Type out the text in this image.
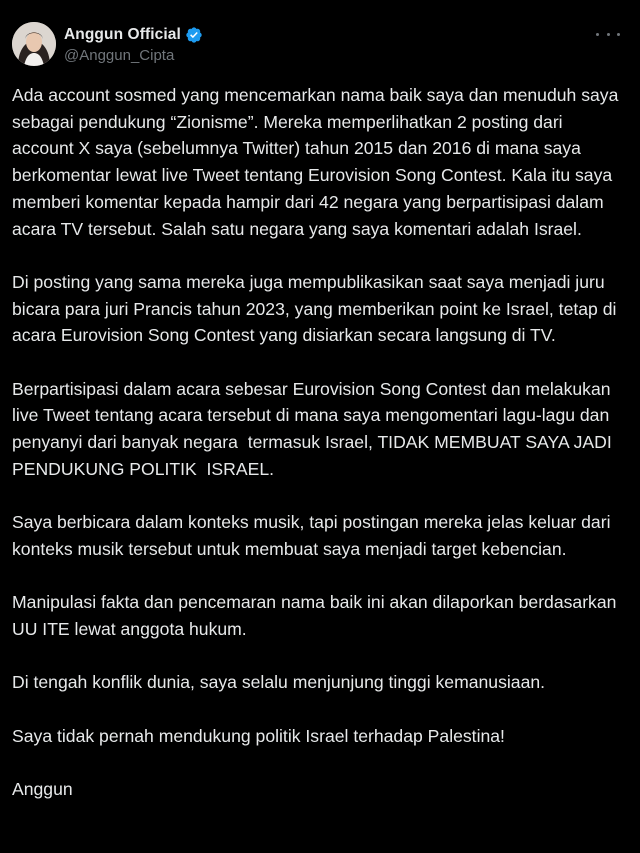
Anggun Official
@Anggun_Cipta

Ada account sosmed yang mencemarkan nama baik saya dan menuduh saya sebagai pendukung “Zionisme”. Mereka memperlihatkan 2 posting dari account X saya (sebelumnya Twitter) tahun 2015 dan 2016 di mana saya berkomentar lewat live Tweet tentang Eurovision Song Contest. Kala itu saya memberi komentar kepada hampir dari 42 negara yang berpartisipasi dalam acara TV tersebut. Salah satu negara yang saya komentari adalah Israel.

Di posting yang sama mereka juga mempublikasikan saat saya menjadi juru bicara para juri Prancis tahun 2023, yang memberikan point ke Israel, tetap di acara Eurovision Song Contest yang disiarkan secara langsung di TV.

Berpartisipasi dalam acara sebesar Eurovision Song Contest dan melakukan live Tweet tentang acara tersebut di mana saya mengomentari lagu-lagu dan penyanyi dari banyak negara  termasuk Israel, TIDAK MEMBUAT SAYA JADI PENDUKUNG POLITIK  ISRAEL.

Saya berbicara dalam konteks musik, tapi postingan mereka jelas keluar dari konteks musik tersebut untuk membuat saya menjadi target kebencian.

Manipulasi fakta dan pencemaran nama baik ini akan dilaporkan berdasarkan UU ITE lewat anggota hukum.

Di tengah konflik dunia, saya selalu menjunjung tinggi kemanusiaan.

Saya tidak pernah mendukung politik Israel terhadap Palestina!

Anggun
